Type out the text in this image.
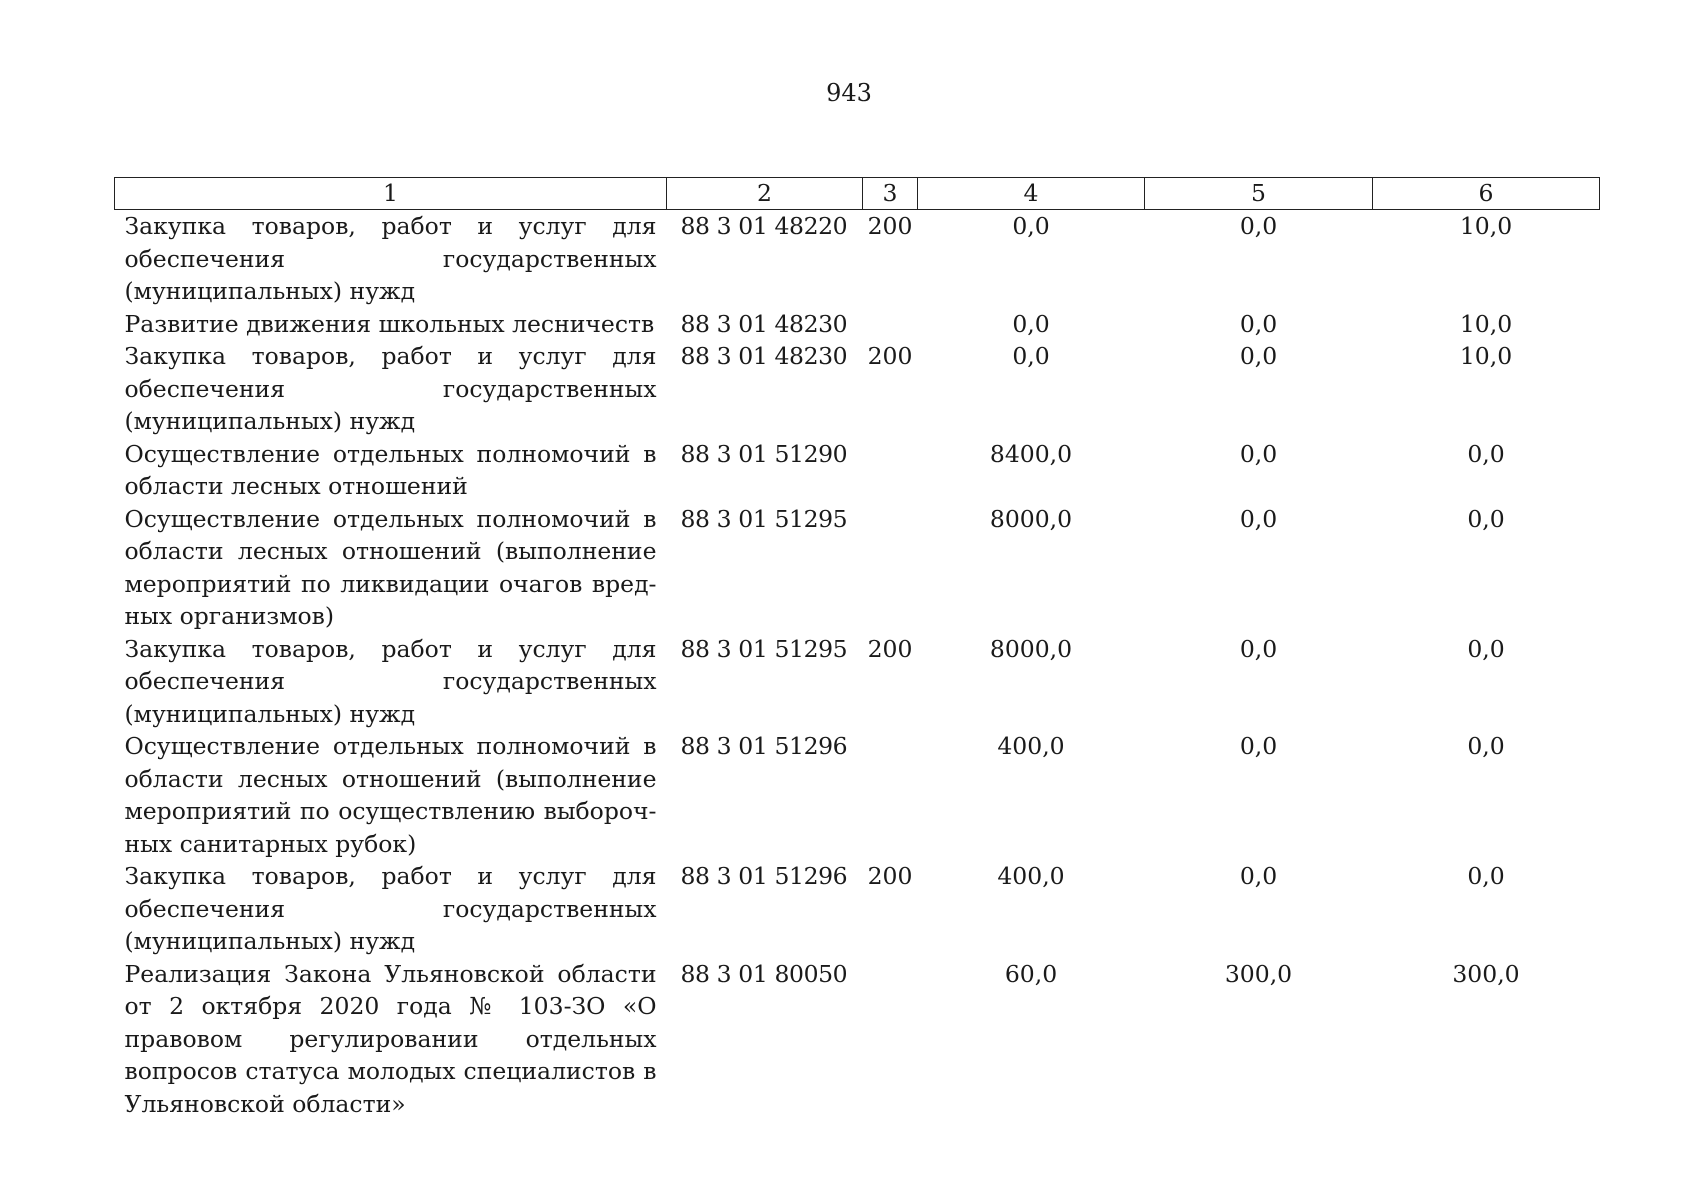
943
1	2	3	4	5	6
Закупка товаров, работ и услуг для обеспечения государственных (муниципальных) нужд	88 3 01 48220	200	0,0	0,0	10,0
Развитие движения школьных лесничеств	88 3 01 48230		0,0	0,0	10,0
Закупка товаров, работ и услуг для обеспечения государственных (муниципальных) нужд	88 3 01 48230	200	0,0	0,0	10,0
Осуществление отдельных полномочий в области лесных отношений	88 3 01 51290		8400,0	0,0	0,0
Осуществление отдельных полномочий в области лесных отношений (выполнение мероприятий по ликвидации очагов вредных организмов)	88 3 01 51295		8000,0	0,0	0,0
Закупка товаров, работ и услуг для обеспечения государственных (муниципальных) нужд	88 3 01 51295	200	8000,0	0,0	0,0
Осуществление отдельных полномочий в области лесных отношений (выполнение мероприятий по осуществлению выборочных санитарных рубок)	88 3 01 51296		400,0	0,0	0,0
Закупка товаров, работ и услуг для обеспечения государственных (муниципальных) нужд	88 3 01 51296	200	400,0	0,0	0,0
Реализация Закона Ульяновской области от 2 октября 2020 года № 103-ЗО «О правовом регулировании отдельных вопросов статуса молодых специалистов в Ульяновской области»	88 3 01 80050		60,0	300,0	300,0
